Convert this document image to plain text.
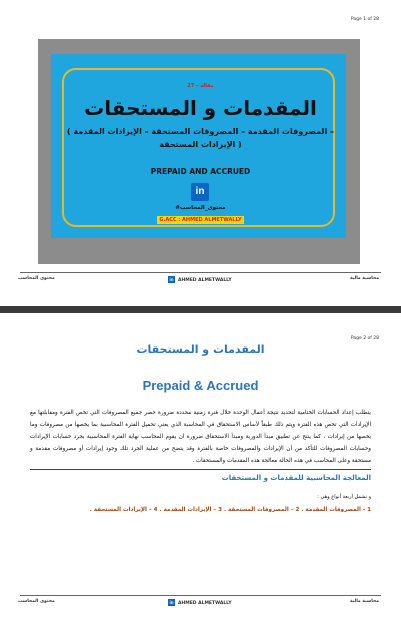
Page 1 of 28
27 – مقالة
المقدمات و المستحقات
( المصروفات المقدمة – المصروفات المستحقة – الإيرادات المقدمة –
الإيرادات المستحقة )
PREPAID AND ACCRUED
in
#محتوى_المحاسب
G.ACC : AHMED ALMETWALLY
محتوى المحاسب	in AHMED ALMETWALLY	محاسبة مالية
Page 2 of 28
المقدمات و المستحقات
Prepaid & Accrued
يتطلب إعداد الحسابات الختامية لتحديد نتيجة أعمال الوحدة خلال فترة زمنية محددة ضرورة حصر جميع المصروفات التي تخص الفترة ومقابلتها مع الإيرادات التي تخص هذه الفترة ويتم ذلك طبقاً لأساس الاستحقاق في المحاسبة الذي يعني تحميل الفترة المحاسبية بما يخصها من مصروفات وما يخصها من إيرادات ، كما ينتج عن تطبيق مبدأ الدورية ومبدأ الاستحقاق ضرورة ان يقوم المحاسب نهاية الفترة المحاسبية بجرد حسابات الإيرادات وحسابات المصروفات للتأكد من أن الإيرادات والمصروفات خاصة بالفترة وقد يتضح من عملية الجرد تلك وجود إيرادات أو مصروفات مقدمة و مستحقة وعلى المحاسب في هذه الحالة معالجة هذه المقدمات والمستحقات .
المعالجة المحاسبية للمقدمات و المستحقات
و تشمل أربعة أنواع وهي :
1 - المصروفات المقدمة . 2 – المصروفات المستحقة . 3 – الإيرادات المقدمة . 4 – الإيرادات المستحقة .
محتوى المحاسب	in AHMED ALMETWALLY	محاسبة مالية
